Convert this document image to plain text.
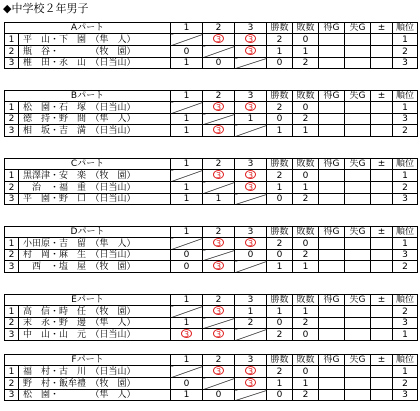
◆中学校２年男子
Aパート		1	2	3	勝数	敗数	得G	失G	±	順位
1	平　山・下　園　（隼　人）		3	3	2	0				1
2	瓶　谷・　　　　（牧　園）	0		3	1	1				2
3	椎　田・永　山　（日当山）	1	0		0	2				3
Bパート		1	2	3	勝数	敗数	得G	失G	±	順位
1	松　園・石　塚　（日当山）		3	3	2	0				1
2	徳　持・野　間　（隼　人）	1		1	0	2				3
3	相　坂・吉　満　（日当山）	1	3		1	1				2
Cパート		1	2	3	勝数	敗数	得G	失G	±	順位
1	黒澤津・安　楽　（牧　園）		3	3	2	0				1
2	　治　・福　重　（日当山）	1		3	1	1				2
3	平　園・野　口　（日当山）	1	1		0	2				3
Dパート		1	2	3	勝数	敗数	得G	失G	±	順位
1	小田原・吉　留　（隼　人）		3	3	2	0				1
2	村　岡・麻　生　（日当山）	0		0	0	2				3
3	　西　・塩　屋　（牧　園）	0	3		1	1				2
Eパート		1	2	3	勝数	敗数	得G	失G	±	順位
1	高　信・時　任　（牧　園）		3	1	1	1				2
2	末　永・野　邊　（隼　人）	1		2	0	2				3
3	中　山・山　元　（日当山）	3	3		2	0				1
Fパート		1	2	3	勝数	敗数	得G	失G	±	順位
1	福　村・古　川　（日当山）		3	3	2	0				1
2	野　村・飯牟禮　（牧　園）	0		3	1	1				2
3	松　園・　　　　（隼　人）	1	0		0	2				3
